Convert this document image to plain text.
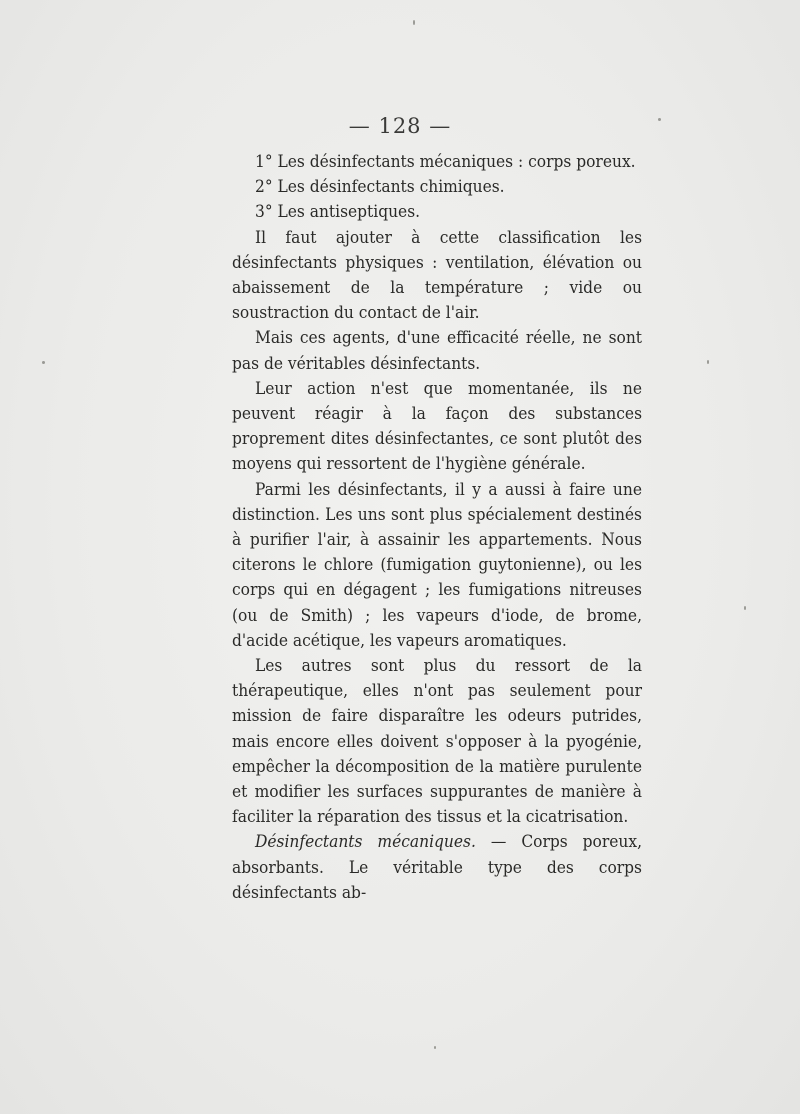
— 128 —

1° Les désinfectants mécaniques : corps poreux.

2° Les désinfectants chimiques.

3° Les antiseptiques.

Il faut ajouter à cette classification les désinfectants physiques : ventilation, élévation ou abaissement de la température ; vide ou soustraction du contact de l'air.

Mais ces agents, d'une efficacité réelle, ne sont pas de véritables désinfectants.

Leur action n'est que momentanée, ils ne peuvent réagir à la façon des substances proprement dites désinfectantes, ce sont plutôt des moyens qui ressortent de l'hygiène générale.

Parmi les désinfectants, il y a aussi à faire une distinction. Les uns sont plus spécialement destinés à purifier l'air, à assainir les appartements. Nous citerons le chlore (fumigation guytonienne), ou les corps qui en dégagent ; les fumigations nitreuses (ou de Smith) ; les vapeurs d'iode, de brome, d'acide acétique, les vapeurs aromatiques.

Les autres sont plus du ressort de la thérapeutique, elles n'ont pas seulement pour mission de faire disparaître les odeurs putrides, mais encore elles doivent s'opposer à la pyogénie, empêcher la décomposition de la matière purulente et modifier les surfaces suppurantes de manière à faciliter la réparation des tissus et la cicatrisation.

Désinfectants mécaniques. — Corps poreux, absorbants. Le véritable type des corps désinfectants ab-
